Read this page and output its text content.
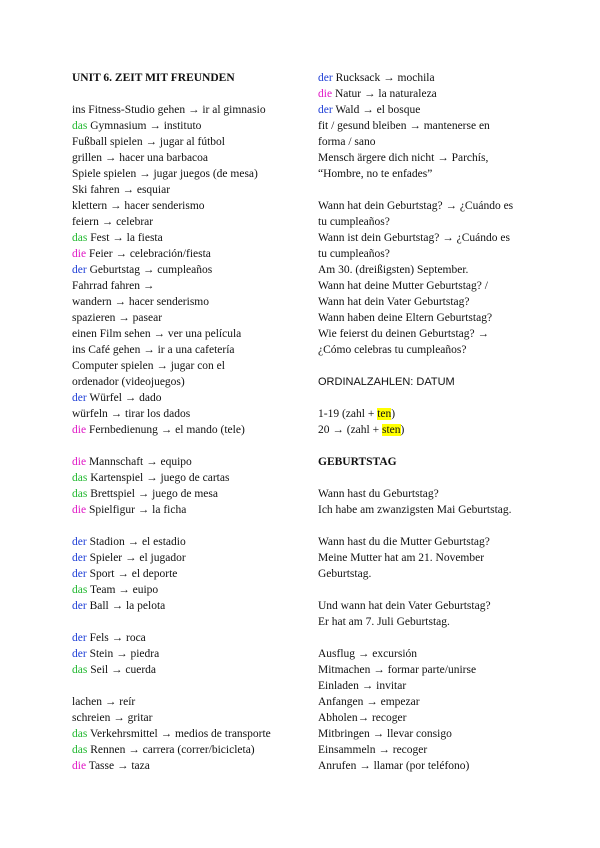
UNIT 6. ZEIT MIT FREUNDEN
ins Fitness-Studio gehen → ir al gimnasio
das Gymnasium → instituto
Fußball spielen → jugar al fútbol
grillen → hacer una barbacoa
Spiele spielen → jugar juegos (de mesa)
Ski fahren → esquiar
klettern → hacer senderismo
feiern → celebrar
das Fest → la fiesta
die Feier → celebración/fiesta
der Geburtstag → cumpleaños
Fahrrad fahren →
wandern → hacer senderismo
spazieren → pasear
einen Film sehen → ver una película
ins Café gehen → ir a una cafetería
Computer spielen → jugar con el
ordenador (videojuegos)
der Würfel → dado
würfeln → tirar los dados
die Fernbedienung → el mando (tele)
die Mannschaft → equipo
das Kartenspiel → juego de cartas
das Brettspiel → juego de mesa
die Spielfigur → la ficha
der Stadion → el estadio
der Spieler → el jugador
der Sport → el deporte
das Team → euipo
der Ball → la pelota
der Fels → roca
der Stein → piedra
das Seil → cuerda
lachen → reír
schreien → gritar
das Verkehrsmittel → medios de transporte
das Rennen → carrera (correr/bicicleta)
die Tasse → taza
der Rucksack → mochila
die Natur → la naturaleza
der Wald → el bosque
fit / gesund bleiben → mantenerse en
forma / sano
Mensch ärgere dich nicht → Parchís,
“Hombre, no te enfades”
Wann hat dein Geburtstag? → ¿Cuándo es
tu cumpleaños?
Wann ist dein Geburtstag? → ¿Cuándo es
tu cumpleaños?
Am 30. (dreißigsten) September.
Wann hat deine Mutter Geburtstag? /
Wann hat dein Vater Geburtstag?
Wann haben deine Eltern Geburtstag?
Wie feierst du deinen Geburtstag? →
¿Cómo celebras tu cumpleaños?
ORDINALZAHLEN: DATUM
1-19 (zahl + ten)
20 → (zahl + sten)
GEBURTSTAG
Wann hast du Geburtstag?
Ich habe am zwanzigsten Mai Geburtstag.
Wann hast du die Mutter Geburtstag?
Meine Mutter hat am 21. November
Geburtstag.
Und wann hat dein Vater Geburtstag?
Er hat am 7. Juli Geburtstag.
Ausflug → excursión
Mitmachen → formar parte/unirse
Einladen → invitar
Anfangen → empezar
Abholen→ recoger
Mitbringen → llevar consigo
Einsammeln → recoger
Anrufen → llamar (por teléfono)
